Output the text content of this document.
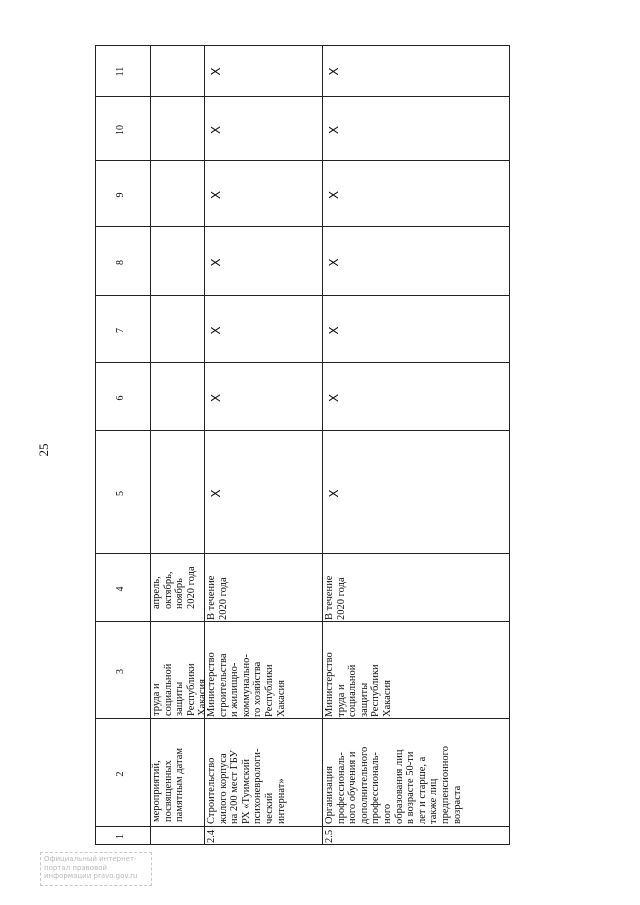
25
1
2
3
4
5
6
7
8
9
10
11
мероприятий,
посвященных
памятным датам
труда и
социальной
защиты
Республики
Хакасия
апрель,
октябрь,
ноябрь
2020 года
2.4
Строительство
жилого корпуса
на 200 мест ГБУ
РХ «Туимский
психоневрологи-
ческий
интернат»
Министерство
строительства
и жилищно-
коммунально-
го хозяйства
Республики
Хакасия
В течение
2020 года
X
X
X
X
X
X
X
2.5
Организация
профессиональ-
ного обучения и
дополнительного
профессиональ-
ного
образования лиц
в возрасте 50-ти
лет и старше, а
также лиц
предпенсионного
возраста
Министерство
труда и
социальной
защиты
Республики
Хакасия
В течение
2020 года
X
X
X
X
X
X
X
Официальный интернет-портал правовой информации pravo.gov.ru
